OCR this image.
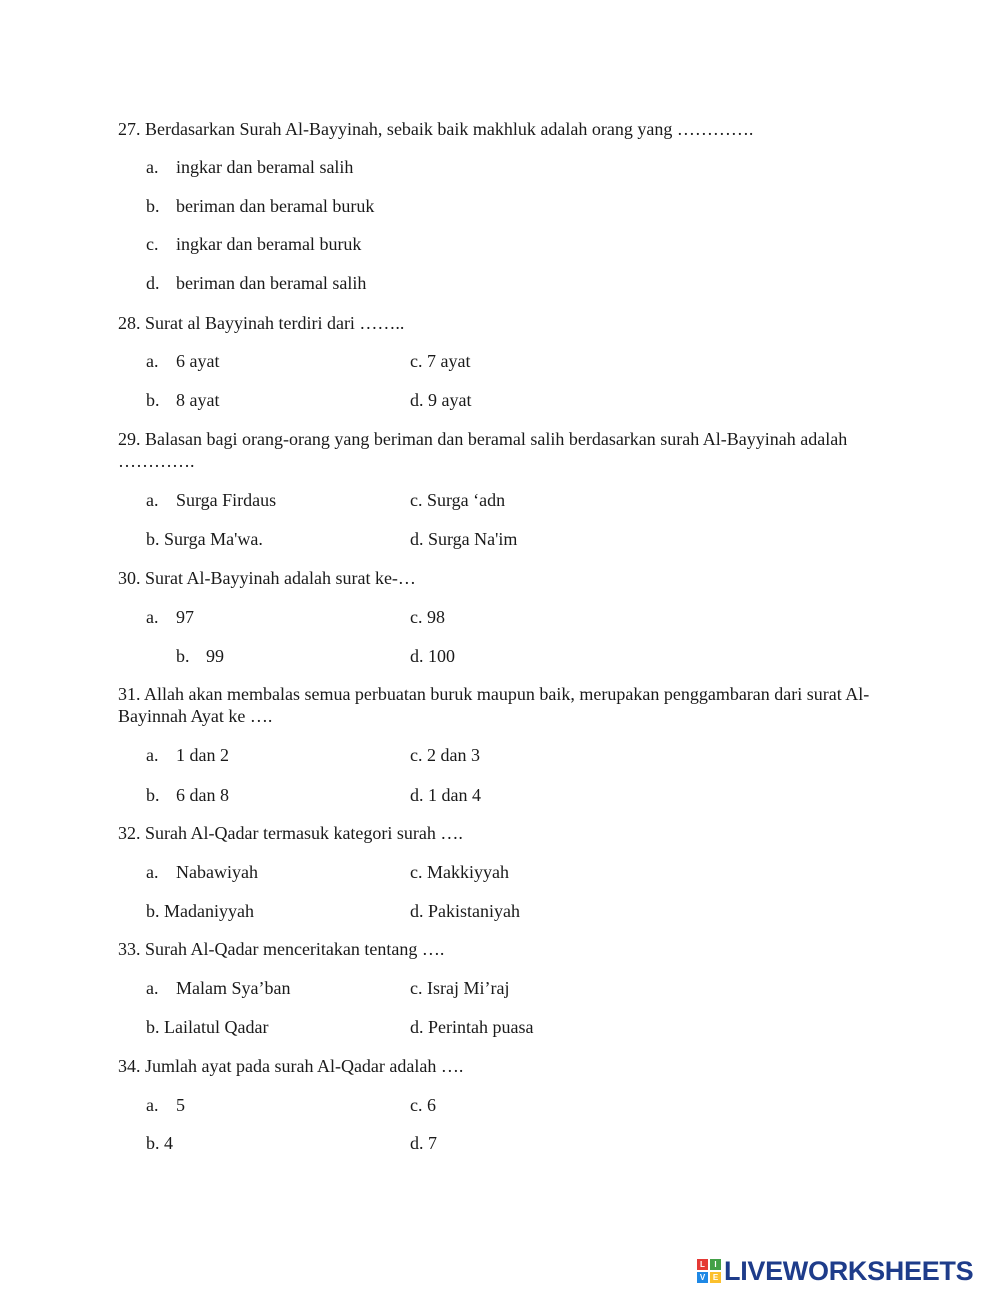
27. Berdasarkan Surah Al-Bayyinah, sebaik baik makhluk adalah orang yang ………….
a. ingkar dan beramal salih
b. beriman dan beramal buruk
c. ingkar dan beramal buruk
d. beriman dan beramal salih
28. Surat al Bayyinah terdiri dari ……..
a. 6 ayat	c. 7 ayat
b. 8 ayat	d. 9 ayat
29. Balasan bagi orang-orang yang beriman dan beramal salih berdasarkan surah Al-Bayyinah adalah ………….
a. Surga Firdaus	c. Surga ‘adn
b. Surga Ma'wa.	d. Surga Na'im
30. Surat Al-Bayyinah adalah surat ke-…
a. 97	c. 98
b. 99	d. 100
31. Allah akan membalas semua perbuatan buruk maupun baik, merupakan penggambaran dari surat Al-Bayinnah Ayat ke ….
a. 1 dan 2	c. 2 dan 3
b. 6 dan 8	d. 1 dan 4
32. Surah Al-Qadar termasuk kategori surah ….
a. Nabawiyah	c. Makkiyyah
b. Madaniyyah	d. Pakistaniyah
33. Surah Al-Qadar menceritakan tentang ….
a. Malam Sya’ban	c. Israj Mi’raj
b. Lailatul Qadar	d. Perintah puasa
34. Jumlah ayat pada surah Al-Qadar adalah ….
a. 5	c. 6
b. 4	d. 7
L	I
V E LIVEWORKSHEETS
